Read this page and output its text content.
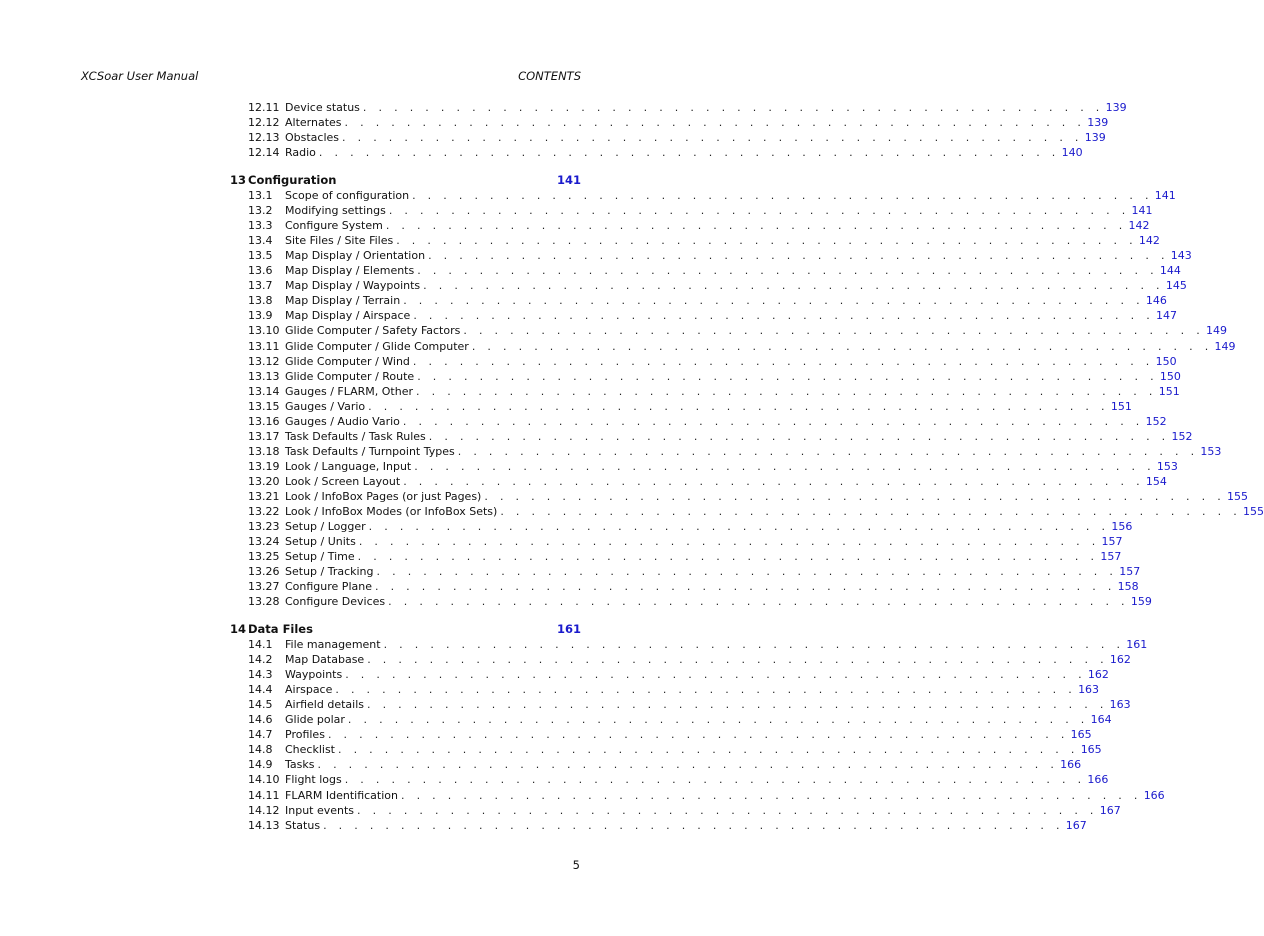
XCSoar User Manual	CONTENTS
12.11 Device status . . . . . . . . . . . . . . . . . . . . . . . . . . . . . . . . . . . . . . . . . . . . . . . . 139
12.12 Alternates . . . . . . . . . . . . . . . . . . . . . . . . . . . . . . . . . . . . . . . . . . . . . . . . 139
12.13 Obstacles . . . . . . . . . . . . . . . . . . . . . . . . . . . . . . . . . . . . . . . . . . . . . . . . 139
12.14 Radio . . . . . . . . . . . . . . . . . . . . . . . . . . . . . . . . . . . . . . . . . . . . . . . . 140
13 Configuration	141
13.1	Scope of configuration . . . . . . . . . . . . . . . . . . . . . . . . . . . . . . . . . . . . . . . . . . . . . . . . 141
13.2	Modifying settings . . . . . . . . . . . . . . . . . . . . . . . . . . . . . . . . . . . . . . . . . . . . . . . . 141
13.3	Configure System . . . . . . . . . . . . . . . . . . . . . . . . . . . . . . . . . . . . . . . . . . . . . . . . 142
13.4	Site Files / Site Files . . . . . . . . . . . . . . . . . . . . . . . . . . . . . . . . . . . . . . . . . . . . . . . . 142
13.5	Map Display / Orientation . . . . . . . . . . . . . . . . . . . . . . . . . . . . . . . . . . . . . . . . . . . . . . . . 143
13.6	Map Display / Elements . . . . . . . . . . . . . . . . . . . . . . . . . . . . . . . . . . . . . . . . . . . . . . . . 144
13.7	Map Display / Waypoints . . . . . . . . . . . . . . . . . . . . . . . . . . . . . . . . . . . . . . . . . . . . . . . . 145
13.8	Map Display / Terrain . . . . . . . . . . . . . . . . . . . . . . . . . . . . . . . . . . . . . . . . . . . . . . . . 146
13.9	Map Display / Airspace . . . . . . . . . . . . . . . . . . . . . . . . . . . . . . . . . . . . . . . . . . . . . . . . 147
13.10 Glide Computer / Safety Factors . . . . . . . . . . . . . . . . . . . . . . . . . . . . . . . . . . . . . . . . . . . . . . . . 149
13.11 Glide Computer / Glide Computer . . . . . . . . . . . . . . . . . . . . . . . . . . . . . . . . . . . . . . . . . . . . . . . . 149
13.12 Glide Computer / Wind . . . . . . . . . . . . . . . . . . . . . . . . . . . . . . . . . . . . . . . . . . . . . . . . 150
13.13 Glide Computer / Route . . . . . . . . . . . . . . . . . . . . . . . . . . . . . . . . . . . . . . . . . . . . . . . . 150
13.14 Gauges / FLARM, Other . . . . . . . . . . . . . . . . . . . . . . . . . . . . . . . . . . . . . . . . . . . . . . . . 151
13.15 Gauges / Vario . . . . . . . . . . . . . . . . . . . . . . . . . . . . . . . . . . . . . . . . . . . . . . . . 151
13.16 Gauges / Audio Vario . . . . . . . . . . . . . . . . . . . . . . . . . . . . . . . . . . . . . . . . . . . . . . . . 152
13.17 Task Defaults / Task Rules . . . . . . . . . . . . . . . . . . . . . . . . . . . . . . . . . . . . . . . . . . . . . . . . 152
13.18 Task Defaults / Turnpoint Types . . . . . . . . . . . . . . . . . . . . . . . . . . . . . . . . . . . . . . . . . . . . . . . . 153
13.19 Look / Language, Input . . . . . . . . . . . . . . . . . . . . . . . . . . . . . . . . . . . . . . . . . . . . . . . . 153
13.20 Look / Screen Layout . . . . . . . . . . . . . . . . . . . . . . . . . . . . . . . . . . . . . . . . . . . . . . . . 154
13.21 Look / InfoBox Pages (or just Pages) . . . . . . . . . . . . . . . . . . . . . . . . . . . . . . . . . . . . . . . . . . . . . . . . 155
13.22 Look / InfoBox Modes (or InfoBox Sets) . . . . . . . . . . . . . . . . . . . . . . . . . . . . . . . . . . . . . . . . . . . . . . . . 155
13.23 Setup / Logger . . . . . . . . . . . . . . . . . . . . . . . . . . . . . . . . . . . . . . . . . . . . . . . . 156
13.24 Setup / Units . . . . . . . . . . . . . . . . . . . . . . . . . . . . . . . . . . . . . . . . . . . . . . . . 157
13.25 Setup / Time . . . . . . . . . . . . . . . . . . . . . . . . . . . . . . . . . . . . . . . . . . . . . . . . 157
13.26 Setup / Tracking . . . . . . . . . . . . . . . . . . . . . . . . . . . . . . . . . . . . . . . . . . . . . . . . 157
13.27 Configure Plane . . . . . . . . . . . . . . . . . . . . . . . . . . . . . . . . . . . . . . . . . . . . . . . . 158
13.28 Configure Devices . . . . . . . . . . . . . . . . . . . . . . . . . . . . . . . . . . . . . . . . . . . . . . . . 159
14 Data Files	161
14.1	File management . . . . . . . . . . . . . . . . . . . . . . . . . . . . . . . . . . . . . . . . . . . . . . . . 161
14.2	Map Database . . . . . . . . . . . . . . . . . . . . . . . . . . . . . . . . . . . . . . . . . . . . . . . . 162
14.3	Waypoints . . . . . . . . . . . . . . . . . . . . . . . . . . . . . . . . . . . . . . . . . . . . . . . . 162
14.4	Airspace . . . . . . . . . . . . . . . . . . . . . . . . . . . . . . . . . . . . . . . . . . . . . . . . 163
14.5	Airfield details . . . . . . . . . . . . . . . . . . . . . . . . . . . . . . . . . . . . . . . . . . . . . . . . 163
14.6	Glide polar . . . . . . . . . . . . . . . . . . . . . . . . . . . . . . . . . . . . . . . . . . . . . . . . 164
14.7	Profiles . . . . . . . . . . . . . . . . . . . . . . . . . . . . . . . . . . . . . . . . . . . . . . . . 165
14.8	Checklist . . . . . . . . . . . . . . . . . . . . . . . . . . . . . . . . . . . . . . . . . . . . . . . . 165
14.9	Tasks . . . . . . . . . . . . . . . . . . . . . . . . . . . . . . . . . . . . . . . . . . . . . . . . 166
14.10 Flight logs . . . . . . . . . . . . . . . . . . . . . . . . . . . . . . . . . . . . . . . . . . . . . . . . 166
14.11 FLARM Identification . . . . . . . . . . . . . . . . . . . . . . . . . . . . . . . . . . . . . . . . . . . . . . . . 166
14.12 Input events . . . . . . . . . . . . . . . . . . . . . . . . . . . . . . . . . . . . . . . . . . . . . . . . 167
14.13 Status . . . . . . . . . . . . . . . . . . . . . . . . . . . . . . . . . . . . . . . . . . . . . . . . 167
5
